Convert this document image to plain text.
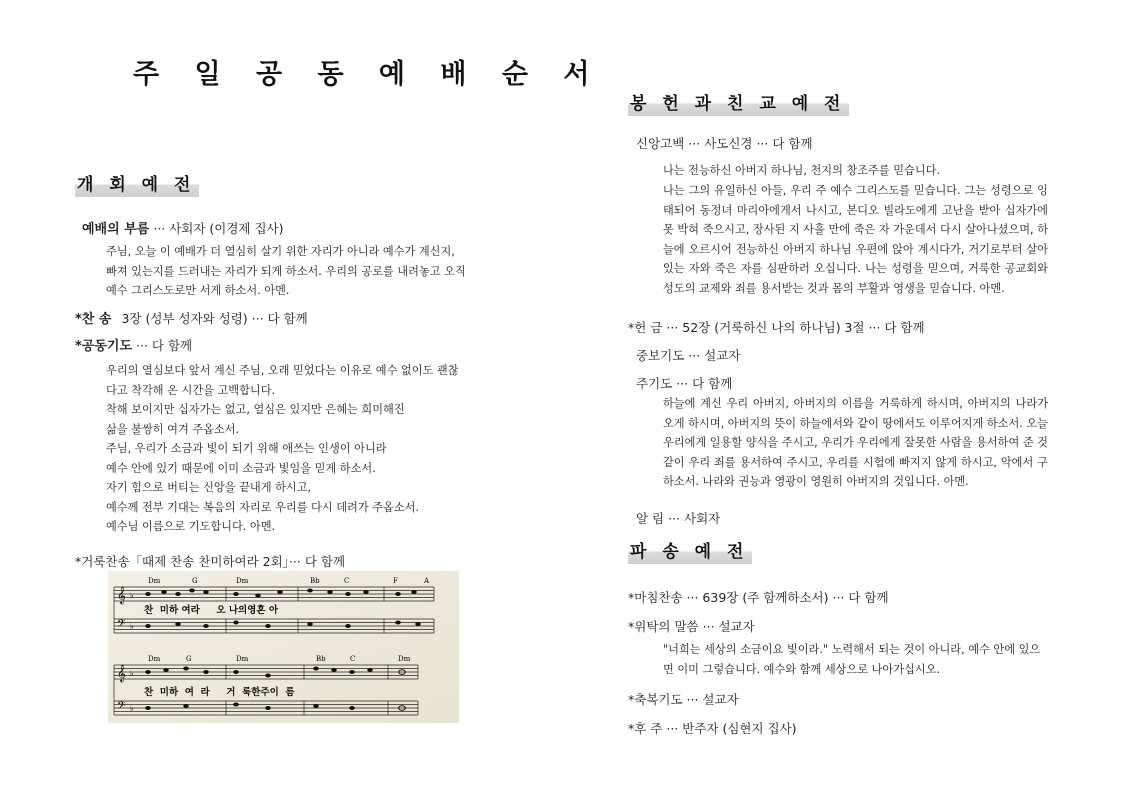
주 일 공 동 예 배 순 서
개 회 예 전
예배의 부름 ··· 사회자 (이경제 집사)
주님, 오늘 이 예배가 더 열심히 살기 위한 자리가 아니라 예수가 계신지,
빠져 있는지를 드러내는 자리가 되게 하소서. 우리의 공로를 내려놓고 오직
예수 그리스도로만 서게 하소서. 아멘.
*찬 송 3장 (성부 성자와 성령) ··· 다 함께
*공동기도 ··· 다 함께
우리의 열심보다 앞서 계신 주님, 오래 믿었다는 이유로 예수 없이도 괜찮
다고 착각해 온 시간을 고백합니다.
착해 보이지만 십자가는 없고, 열심은 있지만 은혜는 희미해진
삶을 불쌍히 여겨 주옵소서.
주님, 우리가 소금과 빛이 되기 위해 애쓰는 인생이 아니라
예수 안에 있기 때문에 이미 소금과 빛임을 믿게 하소서.
자기 힘으로 버티는 신앙을 끝내게 하시고,
예수께 전부 기대는 복음의 자리로 우리를 다시 데려가 주옵소서.
예수님 이름으로 기도합니다. 아멘.
*거룩찬송「때제 찬송 찬미하여라 2회」··· 다 함께
Dm	G	Dm	Bb	C	F	A
𝄞
𝄢
♭
♭
찬  미하 여라     오 나의영혼 아
Dm	G	Dm	Bb	C	Dm
𝄞
𝄢
♭
♭
찬  미하  여  라     거  룩한주이  름
봉 헌 과 친 교 예 전
신앙고백 ··· 사도신경 ··· 다 함께
나는 전능하신 아버지 하나님, 천지의 창조주를 믿습니다.
나는 그의 유일하신 아들, 우리 주 예수 그리스도를 믿습니다. 그는 성령으로 잉태되어 동정녀 마리아에게서 나시고, 본디오 빌라도에게 고난을 받아 십자가에 못 박혀 죽으시고, 장사된 지 사흘 만에 죽은 자 가운데서 다시 살아나셨으며, 하늘에 오르시어 전능하신 아버지 하나님 우편에 앉아 계시다가, 거기로부터 살아 있는 자와 죽은 자를 심판하러 오십니다. 나는 성령을 믿으며, 거룩한 공교회와 성도의 교제와 죄를 용서받는 것과 몸의 부활과 영생을 믿습니다. 아멘.
*헌 금 ··· 52장 (거룩하신 나의 하나님) 3절 ··· 다 함께
중보기도 ··· 설교자
주기도 ··· 다 함께
하늘에 계신 우리 아버지, 아버지의 이름을 거룩하게 하시며, 아버지의 나라가 오게 하시며, 아버지의 뜻이 하늘에서와 같이 땅에서도 이루어지게 하소서. 오늘 우리에게 일용할 양식을 주시고, 우리가 우리에게 잘못한 사람을 용서하여 준 것 같이 우리 죄를 용서하여 주시고, 우리를 시험에 빠지지 않게 하시고, 악에서 구하소서. 나라와 권능과 영광이 영원히 아버지의 것입니다. 아멘.
알 림 ··· 사회자
파 송 예 전
*마침찬송 ··· 639장 (주 함께하소서) ··· 다 함께
*위탁의 말씀 ··· 설교자
"너희는 세상의 소금이요 빛이라." 노력해서 되는 것이 아니라, 예수 안에 있으
면 이미 그렇습니다. 예수와 함께 세상으로 나아가십시오.
*축복기도 ··· 설교자
*후 주 ··· 반주자 (심현지 집사)
